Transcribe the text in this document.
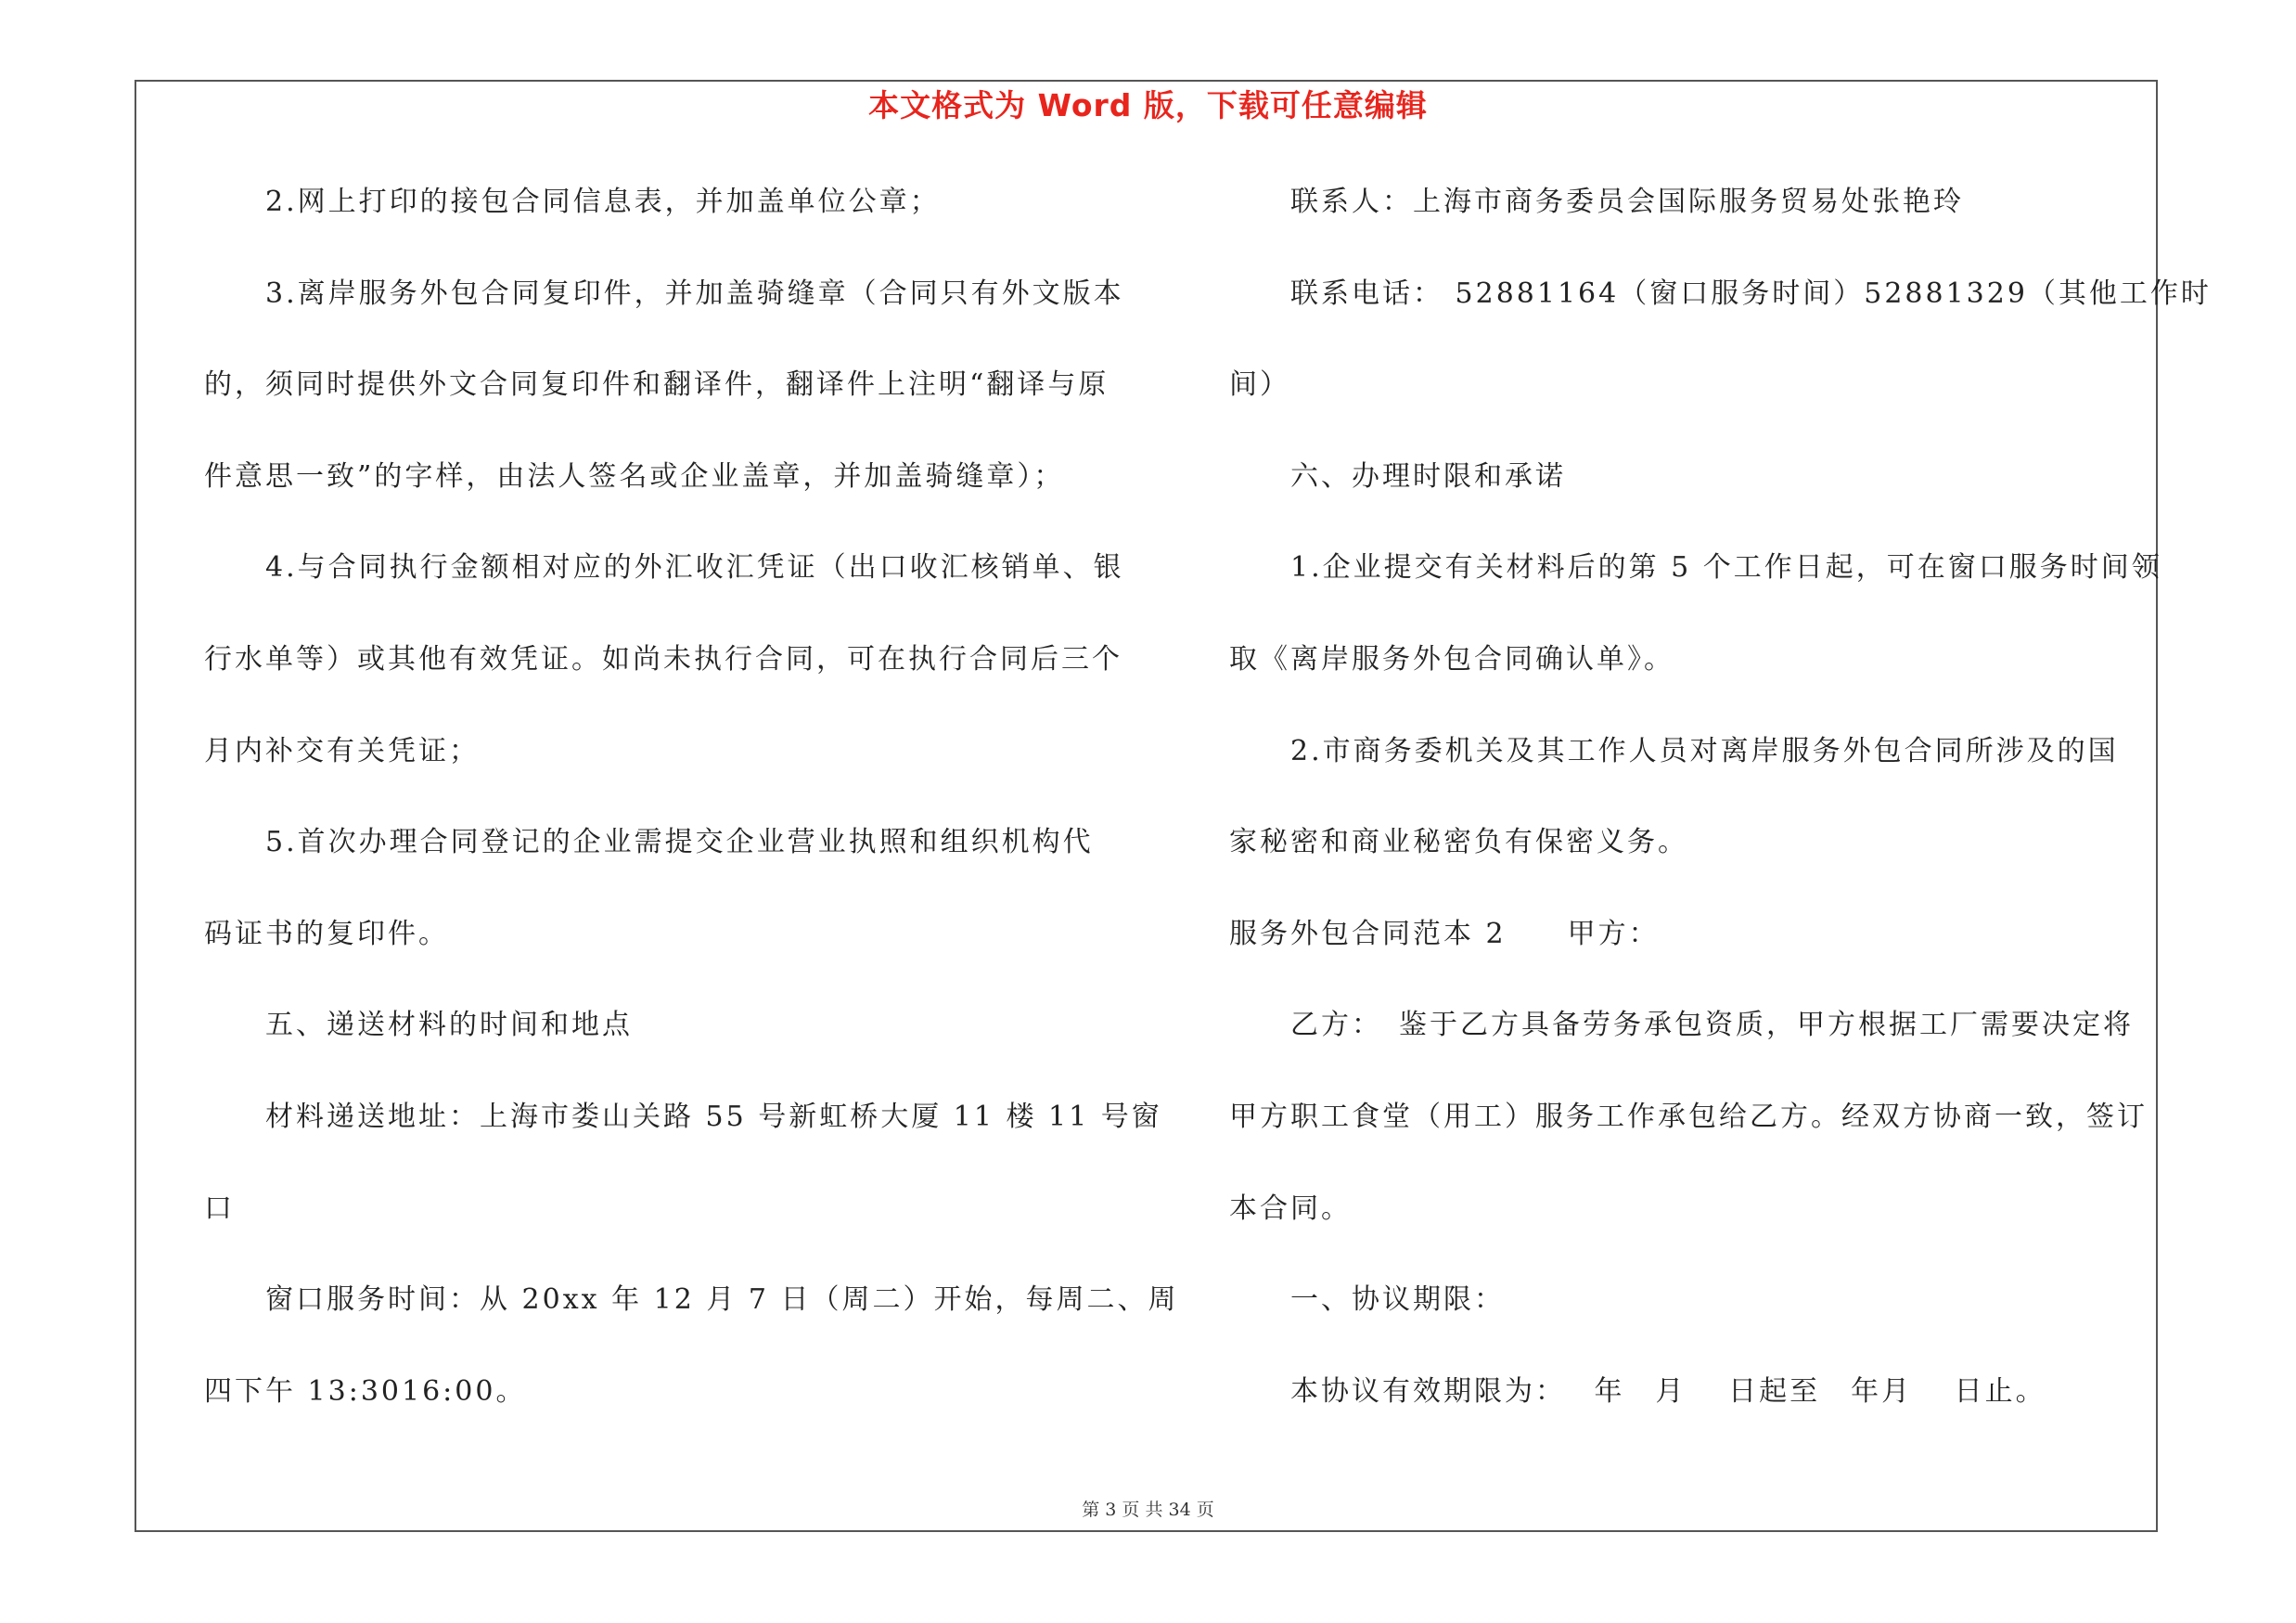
本文格式为 Word 版，下载可任意编辑
2.网上打印的接包合同信息表，并加盖单位公章；
3.离岸服务外包合同复印件，并加盖骑缝章（合同只有外文版本
的，须同时提供外文合同复印件和翻译件，翻译件上注明“翻译与原
件意思一致”的字样，由法人签名或企业盖章，并加盖骑缝章）；
4.与合同执行金额相对应的外汇收汇凭证（出口收汇核销单、银
行水单等）或其他有效凭证。如尚未执行合同，可在执行合同后三个
月内补交有关凭证；
5.首次办理合同登记的企业需提交企业营业执照和组织机构代
码证书的复印件。
五、递送材料的时间和地点
材料递送地址：上海市娄山关路 55 号新虹桥大厦 11 楼 11 号窗
口
窗口服务时间：从 20xx 年 12 月 7 日（周二）开始，每周二、周
四下午 13:3016:00。
联系人：上海市商务委员会国际服务贸易处张艳玲
联系电话： 52881164（窗口服务时间）52881329（其他工作时
间）
六、办理时限和承诺
1.企业提交有关材料后的第 5 个工作日起，可在窗口服务时间领
取《离岸服务外包合同确认单》。
2.市商务委机关及其工作人员对离岸服务外包合同所涉及的国
家秘密和商业秘密负有保密义务。
服务外包合同范本 2　　甲方：
乙方：　鉴于乙方具备劳务承包资质，甲方根据工厂需要决定将
甲方职工食堂（用工）服务工作承包给乙方。经双方协商一致，签订
本合同。
一、协议期限：
本协议有效期限为：　 年　月　 日起至　年月　 日止。
第 3 页 共 34 页
